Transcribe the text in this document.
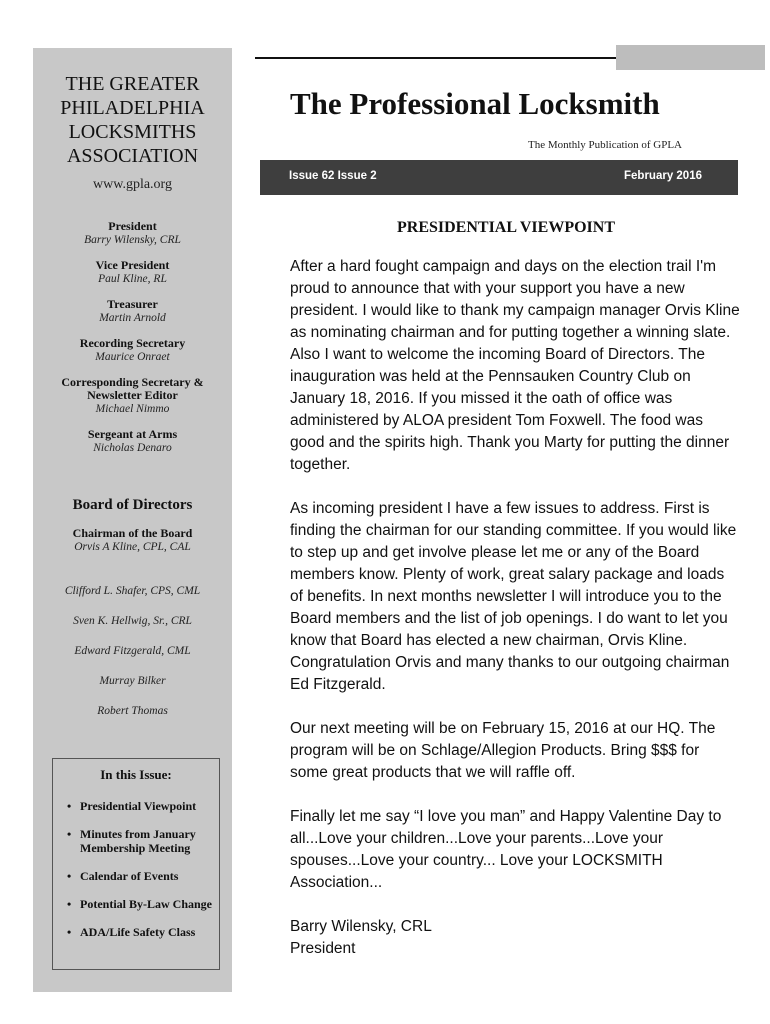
THE GREATER
PHILADELPHIA
LOCKSMITHS
ASSOCIATION
www.gpla.org
President
Barry Wilensky, CRL
Vice President
Paul Kline, RL
Treasurer
Martin Arnold
Recording Secretary
Maurice Onraet
Corresponding Secretary &
Newsletter Editor
Michael Nimmo
Sergeant at Arms
Nicholas Denaro
Board of Directors
Chairman of the Board
Orvis A Kline, CPL, CAL
Clifford L. Shafer, CPS, CML
Sven K. Hellwig, Sr., CRL
Edward Fitzgerald, CML
Murray Bilker
Robert Thomas
In this Issue:
• Presidential Viewpoint
• Minutes from January
Membership Meeting
• Calendar of Events
• Potential By-Law Change
• ADA/Life Safety Class
The Professional Locksmith
The Monthly Publication of GPLA
Issue 62 Issue 2	February 2016
PRESIDENTIAL VIEWPOINT

After a hard fought campaign and days on the election trail I'm proud to announce that with your support you have a new president. I would like to thank my campaign manager Orvis Kline as nominating chairman and for putting together a winning slate. Also I want to welcome the incoming Board of Directors. The inauguration was held at the Pennsauken Country Club on January 18, 2016. If you missed it the oath of office was administered by ALOA president Tom Foxwell. The food was good and the spirits high. Thank you Marty for putting the dinner together.

As incoming president I have a few issues to address. First is finding the chairman for our standing committee. If you would like to step up and get involve please let me or any of the Board members know. Plenty of work, great salary package and loads of benefits. In next months newsletter I will introduce you to the Board members and the list of job openings. I do want to let you know that Board has elected a new chairman, Orvis Kline. Congratulation Orvis and many thanks to our outgoing chairman Ed Fitzgerald.

Our next meeting will be on February 15, 2016 at our HQ. The program will be on Schlage/Allegion Products. Bring $$$ for some great products that we will raffle off.

Finally let me say “I love you man” and Happy Valentine Day to all...Love your children...Love your parents...Love your spouses...Love your country... Love your LOCKSMITH Association...

Barry Wilensky, CRL
President
